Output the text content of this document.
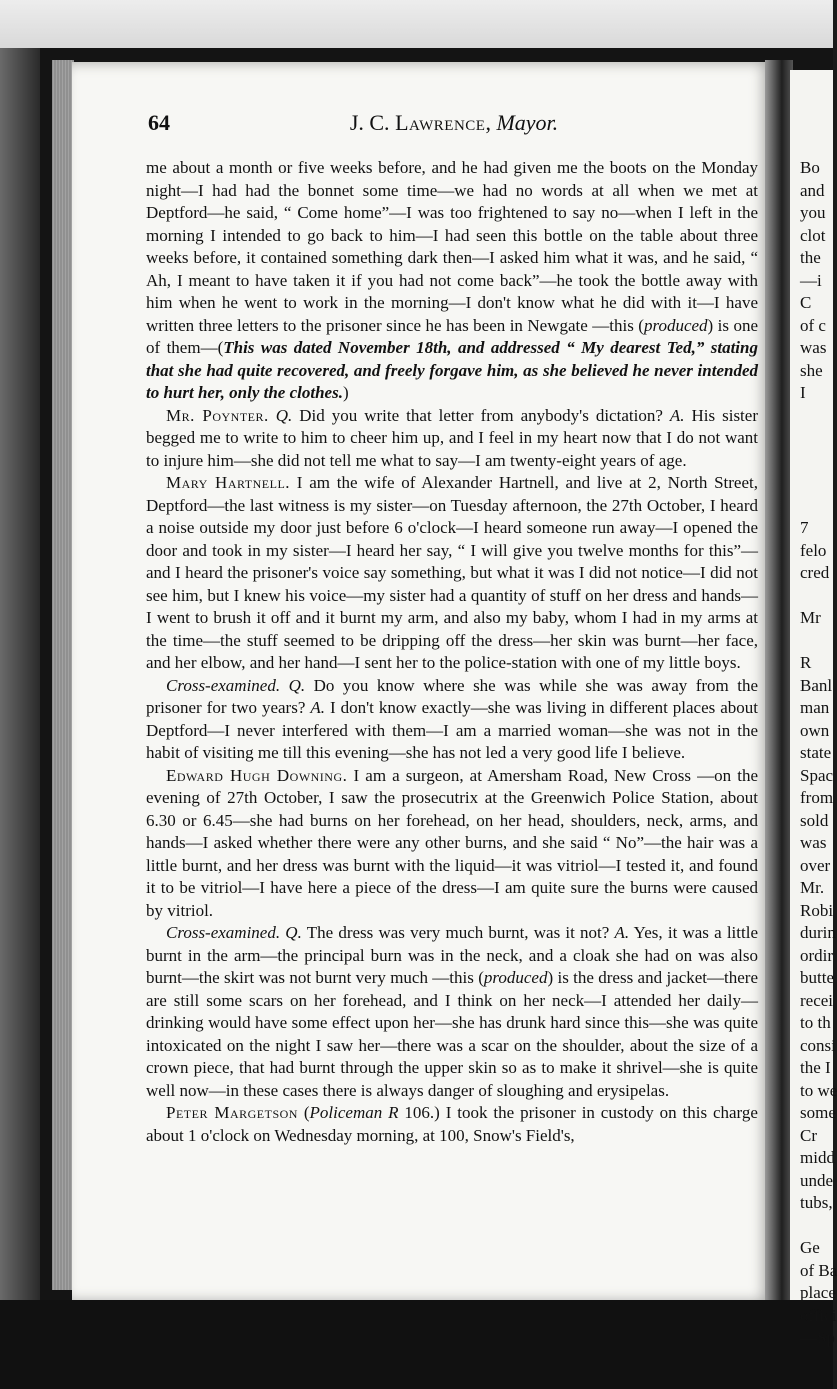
64	J. C. Lawrence, Mayor.

me about a month or five weeks before, and he had given me the boots on the Monday night—I had had the bonnet some time—we had no words at all when we met at Deptford—he said, “ Come home”—I was too frightened to say no—when I left in the morning I intended to go back to him—I had seen this bottle on the table about three weeks before, it contained something dark then—I asked him what it was, and he said, “ Ah, I meant to have taken it if you had not come back”—he took the bottle away with him when he went to work in the morning—I don't know what he did with it—I have written three letters to the prisoner since he has been in Newgate —this (produced) is one of them—(This was dated November 18th, and addressed “ My dearest Ted,” stating that she had quite recovered, and freely forgave him, as she believed he never intended to hurt her, only the clothes.)

Mr. Poynter. Q. Did you write that letter from anybody's dictation? A. His sister begged me to write to him to cheer him up, and I feel in my heart now that I do not want to injure him—she did not tell me what to say—I am twenty-eight years of age.

Mary Hartnell. I am the wife of Alexander Hartnell, and live at 2, North Street, Deptford—the last witness is my sister—on Tuesday afternoon, the 27th October, I heard a noise outside my door just before 6 o'clock—I heard someone run away—I opened the door and took in my sister—I heard her say, “ I will give you twelve months for this”—and I heard the prisoner's voice say something, but what it was I did not notice—I did not see him, but I knew his voice—my sister had a quantity of stuff on her dress and hands—I went to brush it off and it burnt my arm, and also my baby, whom I had in my arms at the time—the stuff seemed to be dripping off the dress—her skin was burnt—her face, and her elbow, and her hand—I sent her to the police-station with one of my little boys.

Cross-examined. Q. Do you know where she was while she was away from the prisoner for two years? A. I don't know exactly—she was living in different places about Deptford—I never interfered with them—I am a married woman—she was not in the habit of visiting me till this evening—she has not led a very good life I believe.

Edward Hugh Downing. I am a surgeon, at Amersham Road, New Cross —on the evening of 27th October, I saw the prosecutrix at the Greenwich Police Station, about 6.30 or 6.45—she had burns on her forehead, on her head, shoulders, neck, arms, and hands—I asked whether there were any other burns, and she said “ No”—the hair was a little burnt, and her dress was burnt with the liquid—it was vitriol—I tested it, and found it to be vitriol—I have here a piece of the dress—I am quite sure the burns were caused by vitriol.

Cross-examined. Q. The dress was very much burnt, was it not? A. Yes, it was a little burnt in the arm—the principal burn was in the neck, and a cloak she had on was also burnt—the skirt was not burnt very much —this (produced) is the dress and jacket—there are still some scars on her forehead, and I think on her neck—I attended her daily—drinking would have some effect upon her—she has drunk hard since this—she was quite intoxicated on the night I saw her—there was a scar on the shoulder, about the size of a crown piece, that had burnt through the upper skin so as to make it shrivel—she is quite well now—in these cases there is always danger of sloughing and erysipelas.

Peter Margetson (Policeman R 106.) I took the prisoner in custody on this charge about 1 o'clock on Wednesday morning, at 100, Snow's Field's,

Bo
and
you
clot
the
—i
C
of c
was
she
I
7
felo
cred
Mr
R
Banl
man
own
state
Spac
from
sold
was
over
Mr.
Robi
durin
ordir
butte
recei
to th
consi
the I
to we
some
Cr
midd
unde
tubs,
Ge
of Ba
place
offici
—Sp
